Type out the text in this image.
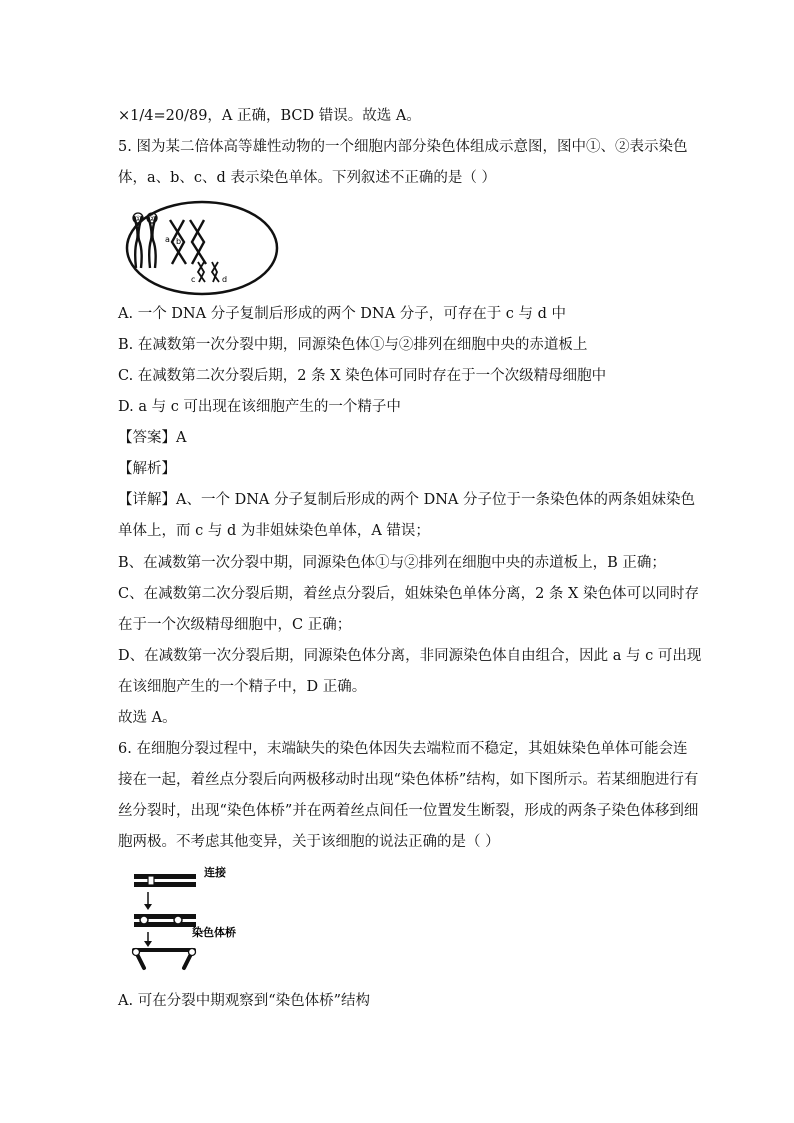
×1/4=20/89，A 正确，BCD 错误。故选 A。
5. 图为某二倍体高等雄性动物的一个细胞内部分染色体组成示意图，图中①、②表示染色
体，a、b、c、d 表示染色单体。下列叙述不正确的是（ ）
① ②
a b
c	d
A. 一个 DNA 分子复制后形成的两个 DNA 分子，可存在于 c 与 d 中
B. 在减数第一次分裂中期，同源染色体①与②排列在细胞中央的赤道板上
C. 在减数第二次分裂后期，2 条 X 染色体可同时存在于一个次级精母细胞中
D. a 与 c 可出现在该细胞产生的一个精子中
【答案】A
【解析】
【详解】A、一个 DNA 分子复制后形成的两个 DNA 分子位于一条染色体的两条姐妹染色
单体上，而 c 与 d 为非姐妹染色单体，A 错误；
B、在减数第一次分裂中期，同源染色体①与②排列在细胞中央的赤道板上，B 正确；
C、在减数第二次分裂后期，着丝点分裂后，姐妹染色单体分离，2 条 X 染色体可以同时存
在于一个次级精母细胞中，C 正确；
D、在减数第一次分裂后期，同源染色体分离，非同源染色体自由组合，因此 a 与 c 可出现
在该细胞产生的一个精子中，D 正确。
故选 A。
6. 在细胞分裂过程中，末端缺失的染色体因失去端粒而不稳定，其姐妹染色单体可能会连
接在一起，着丝点分裂后向两极移动时出现“染色体桥”结构，如下图所示。若某细胞进行有
丝分裂时，出现“染色体桥”并在两着丝点间任一位置发生断裂，形成的两条子染色体移到细
胞两极。不考虑其他变异，关于该细胞的说法正确的是（ ）
连接
染色体桥
A. 可在分裂中期观察到“染色体桥”结构
